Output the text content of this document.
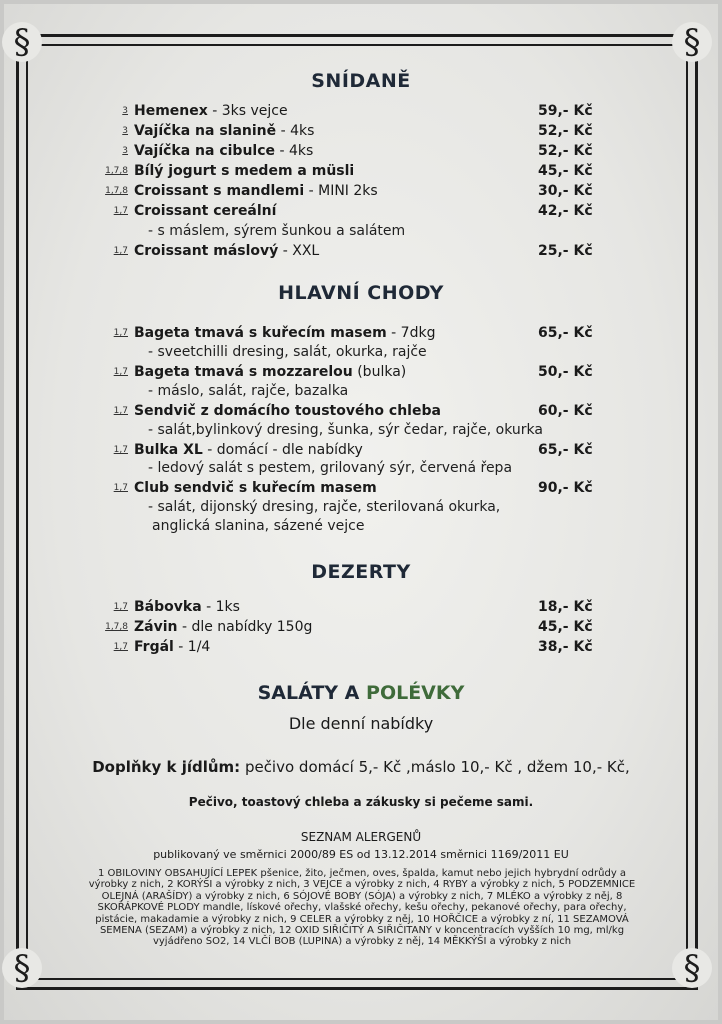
§	§
§	§
SNÍDANĚ
3 Hemenex - 3ks vejce	59,- Kč
3 Vajíčka na slanině - 4ks	52,- Kč
3 Vajíčka na cibulce - 4ks	52,- Kč
1,7,8 Bílý jogurt s medem a müsli	45,- Kč
1,7,8 Croissant s mandlemi - MINI 2ks	30,- Kč
1,7 Croissant cereální	42,- Kč
- s máslem, sýrem šunkou a salátem
1,7 Croissant máslový - XXL	25,- Kč
HLAVNÍ CHODY
1,7 Bageta tmavá s kuřecím masem - 7dkg	65,- Kč
- sveetchilli dresing, salát, okurka, rajče
1,7 Bageta tmavá s mozzarelou (bulka)	50,- Kč
- máslo, salát, rajče, bazalka
1,7 Sendvič z domácího toustového chleba	60,- Kč
- salát,bylinkový dresing, šunka, sýr čedar, rajče, okurka
1,7 Bulka XL - domácí - dle nabídky	65,- Kč
- ledový salát s pestem, grilovaný sýr, červená řepa
1,7 Club sendvič s kuřecím masem	90,- Kč
- salát, dijonský dresing, rajče, sterilovaná okurka,
anglická slanina, sázené vejce
DEZERTY
1,7 Bábovka - 1ks	18,- Kč
1,7,8 Závin - dle nabídky 150g	45,- Kč
1,7 Frgál - 1/4	38,- Kč
SALÁTY A POLÉVKY
Dle denní nabídky
Doplňky k jídlům: pečivo domácí 5,- Kč ,máslo 10,- Kč , džem 10,- Kč,
Pečivo, toastový chleba a zákusky si pečeme sami.
SEZNAM ALERGENŮ
publikovaný ve směrnici 2000/89 ES od 13.12.2014 směrnici 1169/2011 EU
1 OBILOVINY OBSAHUJÍCÍ LEPEK pšenice, žito, ječmen, oves, špalda, kamut nebo jejich hybrydní odrůdy a výrobky z nich, 2 KORÝŠI a výrobky z nich, 3 VEJCE a výrobky z nich, 4 RYBY a výrobky z nich, 5 PODZEMNICE OLEJNÁ (ARAŠÍDY) a výrobky z nich, 6 SÓJOVÉ BOBY (SÓJA) a výrobky z nich, 7 MLÉKO a výrobky z něj, 8 SKOŘÁPKOVÉ PLODY mandle, lískové ořechy, vlašské ořechy, kešu ořechy, pekanové ořechy, para ořechy, pistácie, makadamie a výrobky z nich, 9 CELER a výrobky z něj, 10 HOŘČICE a výrobky z ní, 11 SEZAMOVÁ SEMENA (SEZAM) a výrobky z nich, 12 OXID SIŘIČITÝ A SIŘIČITANY v koncentracích vyšších 10 mg, ml/kg vyjádřeno SO2, 14 VLČÍ BOB (LUPINA) a výrobky z něj, 14 MĚKKÝŠI a výrobky z nich
